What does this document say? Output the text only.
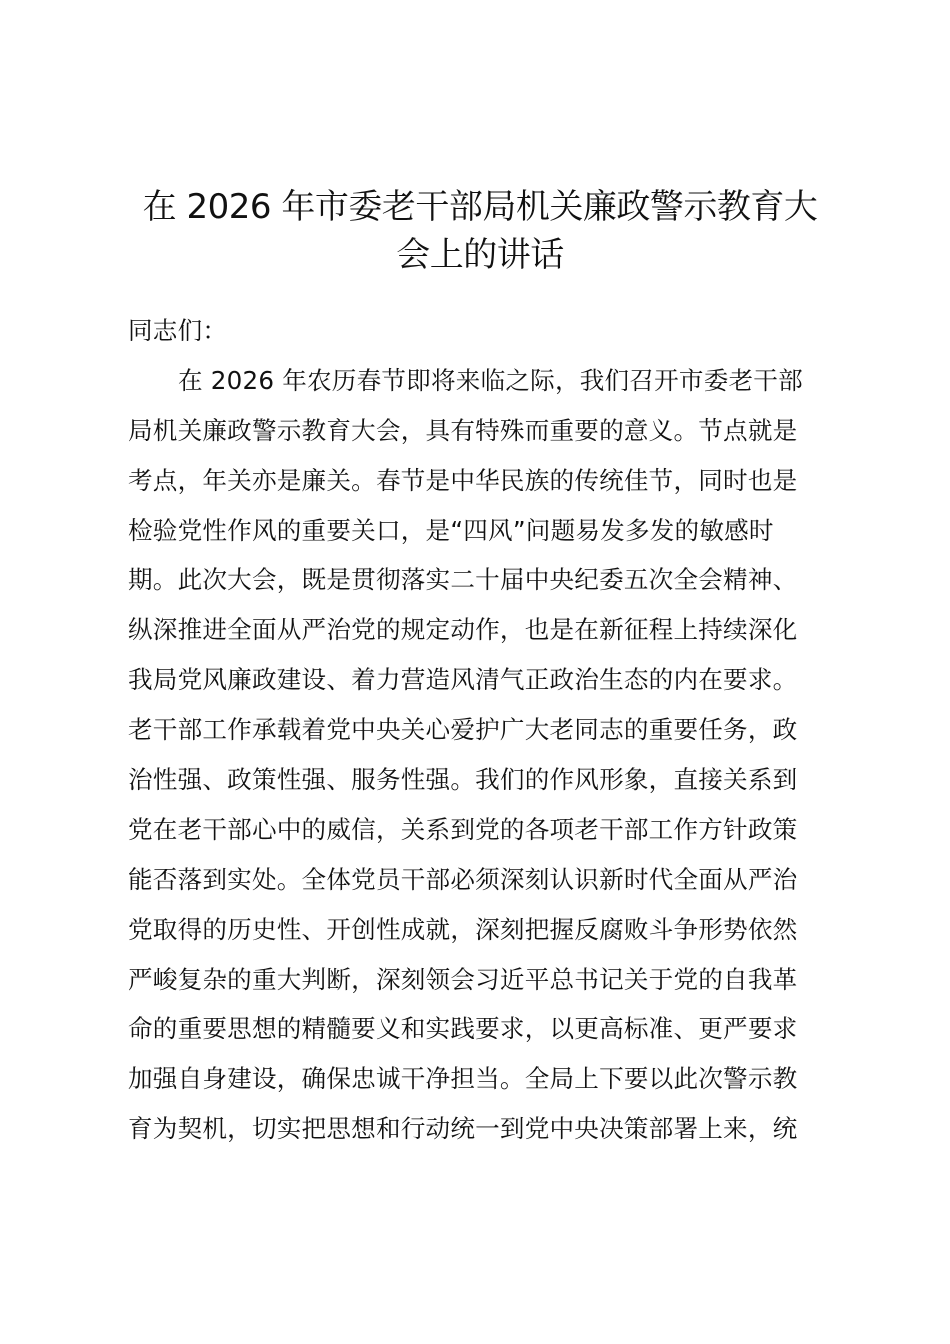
在 2026 年市委老干部局机关廉政警示教育大
会上的讲话
同志们：
在 2026 年农历春节即将来临之际，我们召开市委老干部
局机关廉政警示教育大会，具有特殊而重要的意义。节点就是
考点，年关亦是廉关。春节是中华民族的传统佳节，同时也是
检验党性作风的重要关口，是“四风”问题易发多发的敏感时
期。此次大会，既是贯彻落实二十届中央纪委五次全会精神、
纵深推进全面从严治党的规定动作，也是在新征程上持续深化
我局党风廉政建设、着力营造风清气正政治生态的内在要求。
老干部工作承载着党中央关心爱护广大老同志的重要任务，政
治性强、政策性强、服务性强。我们的作风形象，直接关系到
党在老干部心中的威信，关系到党的各项老干部工作方针政策
能否落到实处。全体党员干部必须深刻认识新时代全面从严治
党取得的历史性、开创性成就，深刻把握反腐败斗争形势依然
严峻复杂的重大判断，深刻领会习近平总书记关于党的自我革
命的重要思想的精髓要义和实践要求，以更高标准、更严要求
加强自身建设，确保忠诚干净担当。全局上下要以此次警示教
育为契机，切实把思想和行动统一到党中央决策部署上来，统
